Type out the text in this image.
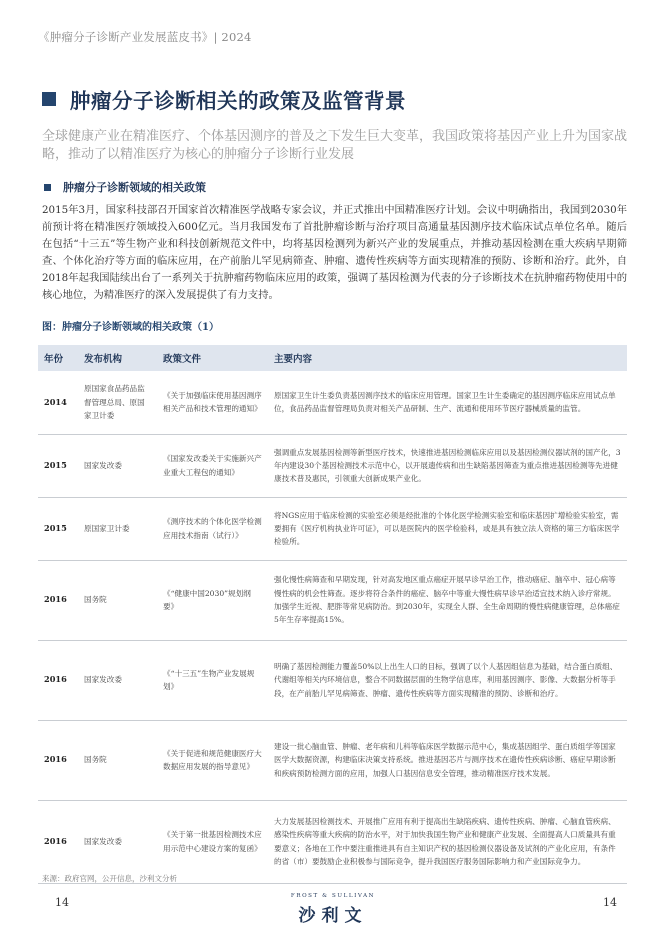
《肿瘤分子诊断产业发展蓝皮书》| 2024
肿瘤分子诊断相关的政策及监管背景
全球健康产业在精准医疗、个体基因测序的普及之下发生巨大变革，我国政策将基因产业上升为国家战略，推动了以精准医疗为核心的肿瘤分子诊断行业发展
肿瘤分子诊断领域的相关政策
2015年3月，国家科技部召开国家首次精准医学战略专家会议，并正式推出中国精准医疗计划。会议中明确指出，我国到2030年前预计将在精准医疗领域投入600亿元。当月我国发布了首批肿瘤诊断与治疗项目高通量基因测序技术临床试点单位名单。随后在包括“十三五”等生物产业和科技创新规范文件中，均将基因检测列为新兴产业的发展重点，并推动基因检测在重大疾病早期筛查、个体化治疗等方面的临床应用，在产前胎儿罕见病筛查、肿瘤、遗传性疾病等方面实现精准的预防、诊断和治疗。此外，自2018年起我国陆续出台了一系列关于抗肿瘤药物临床应用的政策，强调了基因检测为代表的分子诊断技术在抗肿瘤药物使用中的核心地位，为精准医疗的深入发展提供了有力支持。
图：肿瘤分子诊断领域的相关政策（1）
年份	发布机构	政策文件	主要内容
2014	原国家食品药品监督管理总局、原国家卫计委	《关于加强临床使用基因测序相关产品和技术管理的通知》	原国家卫生计生委负责基因测序技术的临床应用管理。国家卫生计生委确定的基因测序临床应用试点单位，食品药品监督管理局负责对相关产品研制、生产、流通和使用环节医疗器械质量的监管。
2015	国家发改委	《国家发改委关于实施新兴产业重大工程包的通知》	强调重点发展基因检测等新型医疗技术，快速推进基因检测临床应用以及基因检测仪器试剂的国产化，3年内建设30个基因检测技术示范中心，以开展遗传病和出生缺陷基因筛查为重点推进基因检测等先进健康技术普及惠民，引领重大创新成果产业化。
2015	原国家卫计委	《测序技术的个体化医学检测应用技术指南（试行）》	将NGS应用于临床检测的实验室必须是经批准的个体化医学检测实验室和临床基因扩增检验实验室，需要拥有《医疗机构执业许可证》，可以是医院内的医学检验科，或是具有独立法人资格的第三方临床医学检验所。
2016	国务院	《“健康中国2030”规划纲要》	强化慢性病筛查和早期发现，针对高发地区重点癌症开展早诊早治工作，推动癌症、脑卒中、冠心病等慢性病的机会性筛查。逐步将符合条件的癌症、脑卒中等重大慢性病早诊早治适宜技术纳入诊疗常规。加强学生近视、肥胖等常见病防治。到2030年，实现全人群、全生命周期的慢性病健康管理，总体癌症5年生存率提高15%。
2016	国家发改委	《“十三五”生物产业发展规划》	明确了基因检测能力覆盖50%以上出生人口的目标，强调了以个人基因组信息为基础，结合蛋白质组、代谢组等相关内环境信息，整合不同数据层面的生物学信息库，利用基因测序、影像、大数据分析等手段，在产前胎儿罕见病筛查、肿瘤、遗传性疾病等方面实现精准的预防、诊断和治疗。
2016	国务院	《关于促进和规范健康医疗大数据应用发展的指导意见》	建设一批心脑血管、肿瘤、老年病和儿科等临床医学数据示范中心，集成基因组学、蛋白质组学等国家医学大数据资源，构建临床决策支持系统。推进基因芯片与测序技术在遗传性疾病诊断、癌症早期诊断和疾病预防检测方面的应用，加强人口基因信息安全管理，推动精准医疗技术发展。
2016	国家发改委	《关于第一批基因检测技术应用示范中心建设方案的复函》	大力发展基因检测技术、开展推广应用有利于提高出生缺陷疾病、遗传性疾病、肿瘤、心脑血管疾病、感染性疾病等重大疾病的防治水平，对于加快我国生物产业和健康产业发展、全面提高人口质量具有重要意义；各地在工作中要注重推进具有自主知识产权的基因检测仪器设备及试剂的产业化应用，有条件的省（市）要鼓励企业积极参与国际竞争，提升我国医疗服务国际影响力和产业国际竞争力。
来源：政府官网，公开信息，沙利文分析
14	FROST & SULLIVAN
沙利文
14
